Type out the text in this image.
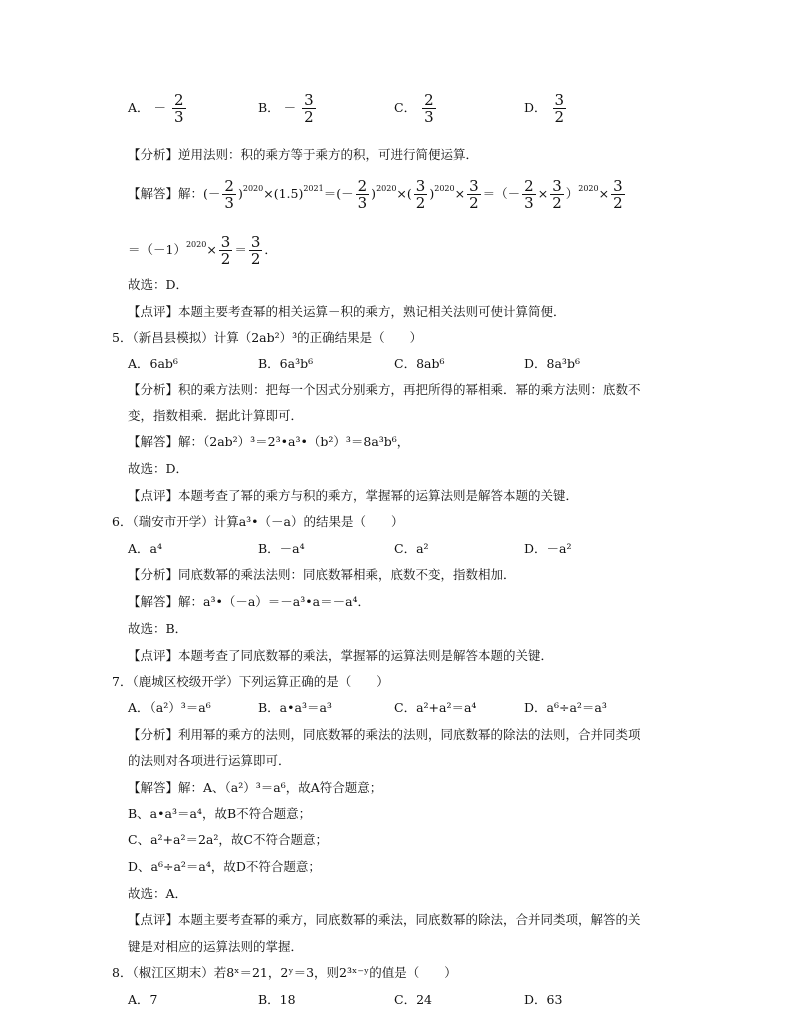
A． － $\frac{2}{3}$	B． － $\frac{3}{2}$	C． $\frac{2}{3}$	D． $\frac{3}{2}$
【分析】逆用法则：积的乘方等于乘方的积，可进行简便运算．
【解答】解：(－ $\frac{2}{3} )^{2020}\times(1.5)^{2021}=(- \frac{2}{3} )^{2020}\times( \frac{3}{2} )^{2020}\times \frac{3}{2}$ ＝（－ $\frac{2}{3} \times \frac{3}{2} )^{2020}\times \frac{3}{2}$
$=(-1)^{2020}\times \frac{3}{2} = \frac{3}{2}$ ．
故选：D．
【点评】本题主要考查幂的相关运算－积的乘方，熟记相关法则可使计算简便．
5．（新昌县模拟）计算（2ab²）³的正确结果是（　　）
A．6ab⁶	B．6a³b⁶	C．8ab⁶	D．8a³b⁶
【分析】积的乘方法则：把每一个因式分别乘方，再把所得的幂相乘．幂的乘方法则：底数不
变，指数相乘．据此计算即可．
【解答】解：（2ab²）³＝2³•a³•（b²）³＝8a³b⁶，
故选：D．
【点评】本题考查了幂的乘方与积的乘方，掌握幂的运算法则是解答本题的关键．
6．（瑞安市开学）计算a³•（－a）的结果是（　　）
A．a⁴	B．－a⁴	C．a²	D．－a²
【分析】同底数幂的乘法法则：同底数幂相乘，底数不变，指数相加．
【解答】解：a³•（－a）＝－a³•a＝－a⁴．
故选：B．
【点评】本题考查了同底数幂的乘法，掌握幂的运算法则是解答本题的关键．
7．（鹿城区校级开学）下列运算正确的是（　　）
A．（a²）³＝a⁶	B．a•a³＝a³	C．a²+a²＝a⁴	D．a⁶÷a²＝a³
【分析】利用幂的乘方的法则，同底数幂的乘法的法则，同底数幂的除法的法则，合并同类项
的法则对各项进行运算即可．
【解答】解：A、（a²）³＝a⁶，故A符合题意；
B、a•a³＝a⁴，故B不符合题意；
C、a²+a²＝2a²，故C不符合题意；
D、a⁶÷a²＝a⁴，故D不符合题意；
故选：A．
【点评】本题主要考查幂的乘方，同底数幂的乘法，同底数幂的除法，合并同类项，解答的关
键是对相应的运算法则的掌握．
8．（椒江区期末）若8ˣ＝21，2ʸ＝3，则2³ˣ⁻ʸ的值是（　　）
A．7	B．18	C．24	D．63
